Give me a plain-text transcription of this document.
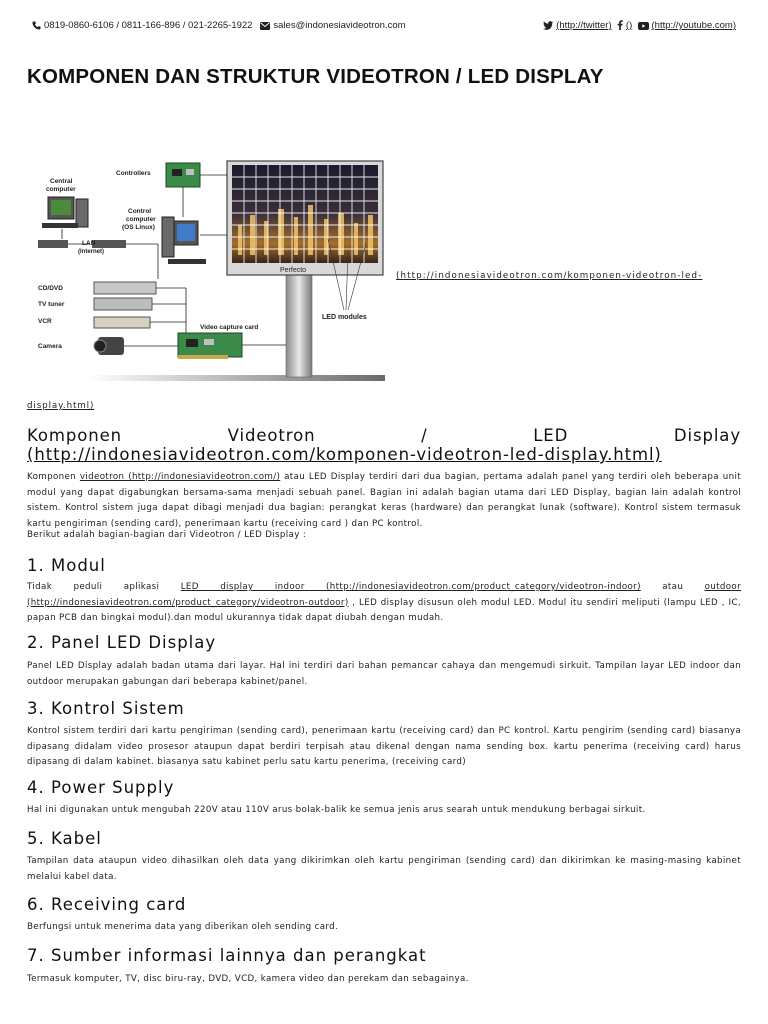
0819-0860-6106 / 0811-166-896 / 021-2265-1922 sales@indonesiavideotron.com	(http://twitter) () (http://youtube.com)
KOMPONEN DAN STRUKTUR VIDEOTRON / LED DISPLAY
Perfecto
LED modules
Central
computer
LAN
(Internet)
Controllers
Control
computer
(OS Linux)
CD/DVD
TV tuner
VCR
Camera
Video capture card
(http://indonesiavideotron.com/komponen-videotron-led-
display.html)
Komponen	Videotron	/	LED	Display
(http://indonesiavideotron.com/komponen-videotron-led-display.html)

Komponen videotron (http://indonesiavideotron.com/) atau LED Display terdiri dari dua bagian, pertama adalah panel yang terdiri oleh beberapa unit modul yang dapat digabungkan bersama-sama menjadi sebuah panel. Bagian ini adalah bagian utama dari LED Display, bagian lain adalah kontrol sistem. Kontrol sistem juga dapat dibagi menjadi dua bagian: perangkat keras (hardware) dan perangkat lunak (software). Kontrol sistem termasuk kartu pengiriman (sending card), penerimaan kartu (receiving card ) dan PC kontrol.

Berikut adalah bagian-bagian dari Videotron / LED Display :

1. Modul

Tidak peduli aplikasi LED display indoor (http://indonesiavideotron.com/product_category/videotron-indoor) atau outdoor (http://indonesiavideotron.com/product_category/videotron-outdoor) , LED display disusun oleh modul LED. Modul itu sendiri meliputi (lampu LED , IC, papan PCB dan bingkai modul).dan modul ukurannya tidak dapat diubah dengan mudah.

2. Panel LED Display

Panel LED Display adalah badan utama dari layar. Hal ini terdiri dari bahan pemancar cahaya dan mengemudi sirkuit. Tampilan layar LED indoor dan outdoor merupakan gabungan dari beberapa kabinet/panel.

3. Kontrol Sistem

Kontrol sistem terdiri dari kartu pengiriman (sending card), penerimaan kartu (receiving card) dan PC kontrol. Kartu pengirim (sending card) biasanya dipasang didalam video prosesor ataupun dapat berdiri terpisah atau dikenal dengan nama sending box. kartu penerima (receiving card) harus dipasang di dalam kabinet. biasanya satu kabinet perlu satu kartu penerima, (receiving card)

4. Power Supply

Hal ini digunakan untuk mengubah 220V atau 110V arus bolak-balik ke semua jenis arus searah untuk mendukung berbagai sirkuit.

5. Kabel

Tampilan data ataupun video dihasilkan oleh data yang dikirimkan oleh kartu pengiriman (sending card) dan dikirimkan ke masing-masing kabinet melalui kabel data.

6. Receiving card

Berfungsi untuk menerima data yang diberikan oleh sending card.

7. Sumber informasi lainnya dan perangkat

Termasuk komputer, TV, disc biru-ray, DVD, VCD, kamera video dan perekam dan sebagainya.
